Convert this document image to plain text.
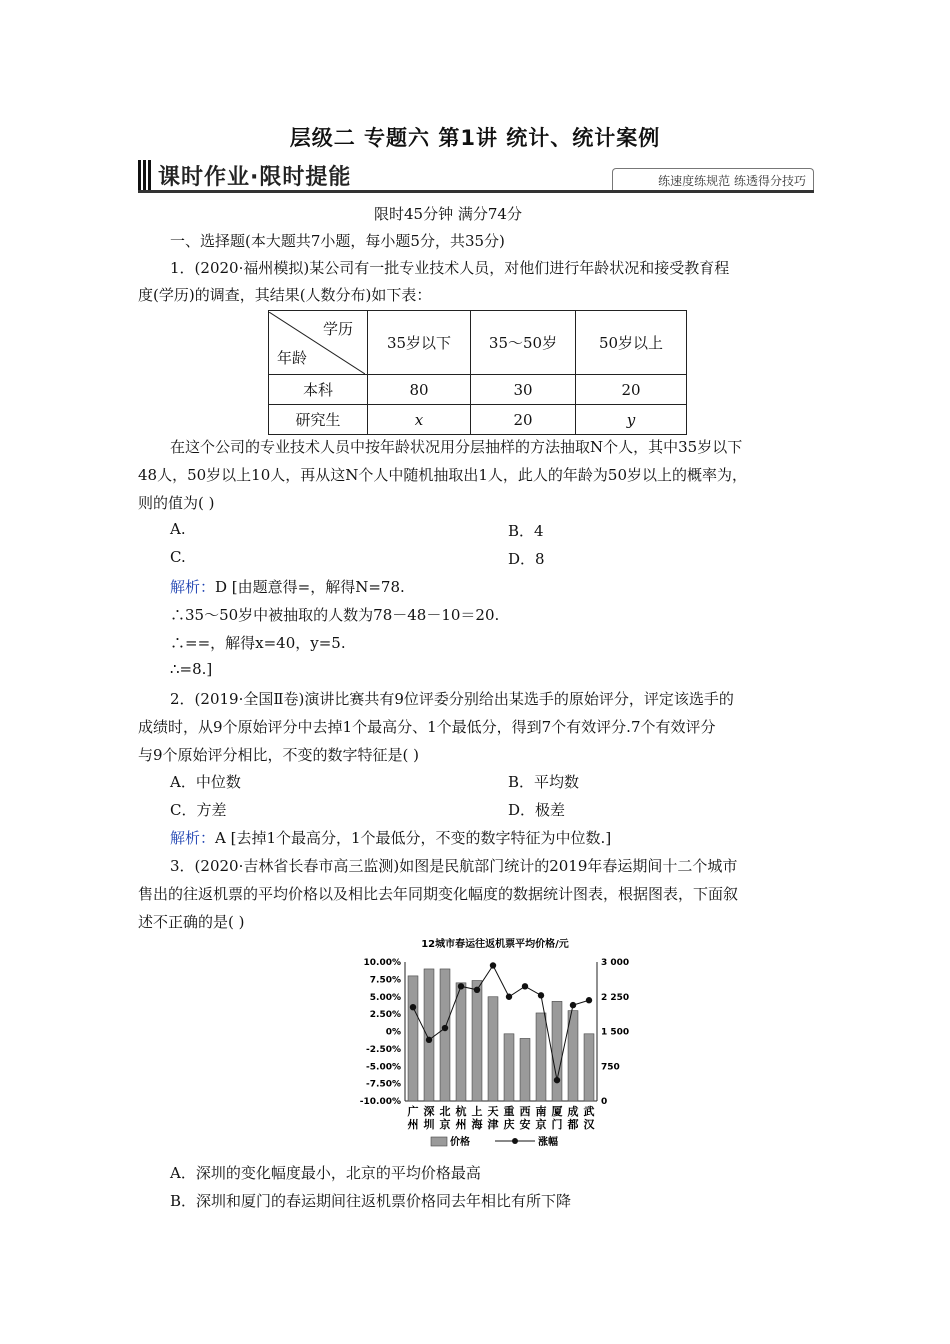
层级二 专题六 第1讲 统计、统计案例
课时作业·限时提能	练速度练规范 练透得分技巧
限时45分钟 满分74分
一、选择题(本大题共7小题，每小题5分，共35分)
1．(2020·福州模拟)某公司有一批专业技术人员，对他们进行年龄状况和接受教育程
度(学历)的调查，其结果(人数分布)如下表：
学历
年龄	35岁以下	35～50岁	50岁以上
本科	80	30	20
研究生	x	20	y
在这个公司的专业技术人员中按年龄状况用分层抽样的方法抽取N个人，其中35岁以下
48人，50岁以上10人，再从这N个人中随机抽取出1人，此人的年龄为50岁以上的概率为，
则的值为( )
A.	B．4
C.	D．8
解析：D [由题意得=，解得N=78.
∴35～50岁中被抽取的人数为78－48－10＝20.
∴==，解得x=40，y=5.
∴=8.]
2．(2019·全国Ⅱ卷)演讲比赛共有9位评委分别给出某选手的原始评分，评定该选手的
成绩时，从9个原始评分中去掉1个最高分、1个最低分，得到7个有效评分.7个有效评分
与9个原始评分相比，不变的数字特征是( )
A．中位数	B．平均数
C．方差	D．极差
解析：A [去掉1个最高分，1个最低分，不变的数字特征为中位数.]
3．(2020·吉林省长春市高三监测)如图是民航部门统计的2019年春运期间十二个城市
售出的往返机票的平均价格以及相比去年同期变化幅度的数据统计图表，根据图表，下面叙
述不正确的是( )
12城市春运往返机票平均价格/元
10.00%
7.50%
5.00%
2.50%
0%
-2.50%
-5.00%
-7.50%
-10.00%
3 000
2 250
1 500
750
0
广
州
深
圳
北
京
杭
州
上
海
天
津
重
庆
西
安
南
京
厦
门
成
都
武
汉
价格	涨幅
A．深圳的变化幅度最小，北京的平均价格最高
B．深圳和厦门的春运期间往返机票价格同去年相比有所下降
